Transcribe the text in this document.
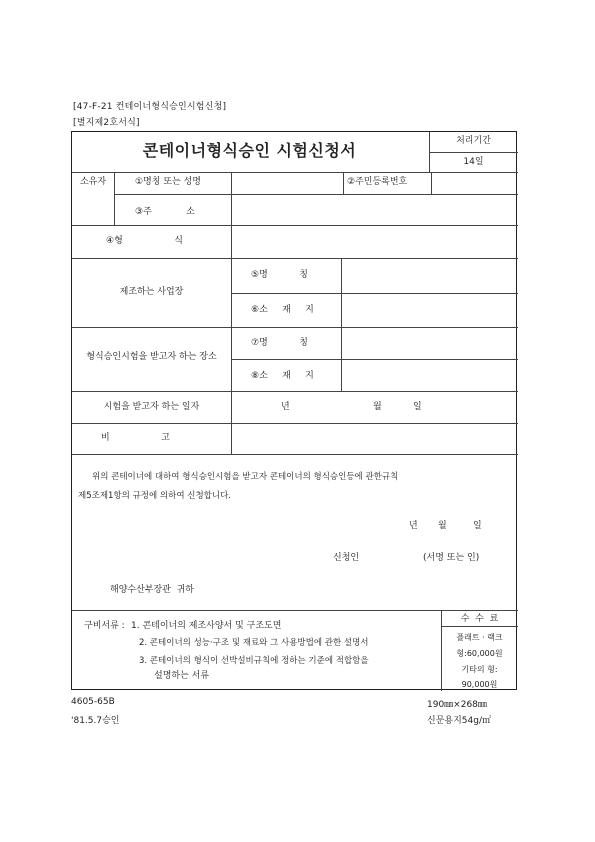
[47-F-21 컨테이너형식승인시험신청]
[별지제2호서식]
처리기간
14일
소유자	①명칭 또는 성명	②주민등록번호
③주            소
④형                  식
제조하는 사업장
⑤명           칭
⑥소     재     지
형식승인시험을 받고자 하는 장소
⑦명           칭
⑧소     재     지
시험을 받고자 하는 일자	년	월	일
비                  고
위의 콘테이너에 대하여 형식승인시험을 받고자 콘테이너의 형식승인등에 관한규칙
제5조제1항의 규정에 의하여 신청합니다.
년 월	일
신청인	(서명 또는 인)
해양수산부장관  귀하
구비서류 : 1. 콘테이너의 제조사양서 및 구조도면
2. 콘테이너의 성능·구조 및 재료와 그 사용방법에 관한 설명서
3. 콘테이너의 형식이 선박설비규칙에 정하는 기준에 적합함을
설명하는 서류
수  수  료
플래트 · 랙크
형:60,000원
기타의 형:
90,000원
콘테이너형식승인 시험신청서
4605-65B
'81.5.7승인
190㎜×268㎜
신문용지54g/㎡
